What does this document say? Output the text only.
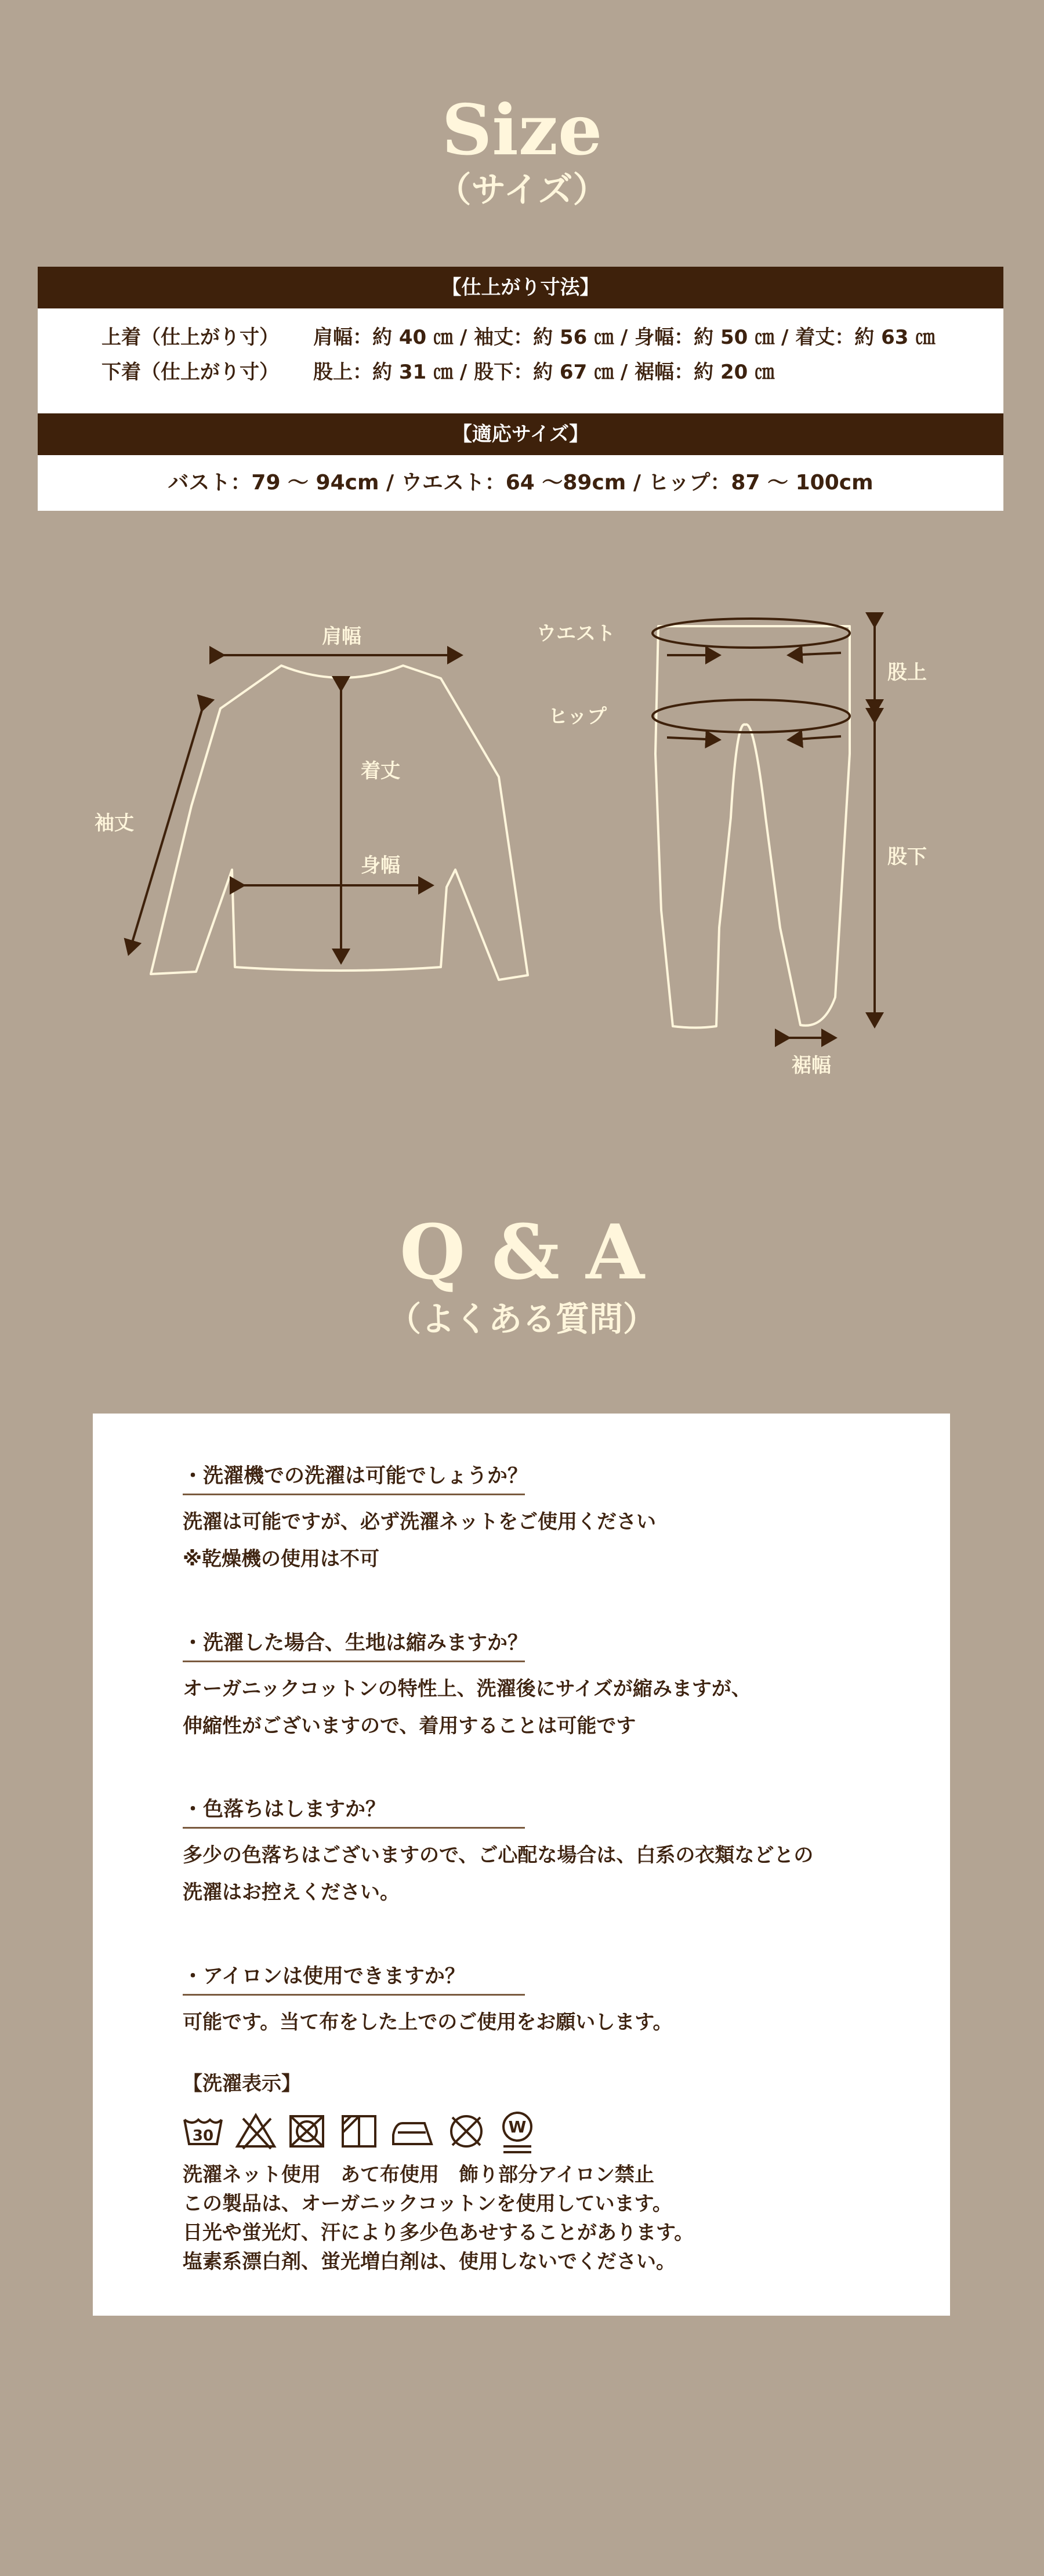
Size
（サイズ）
【仕上がり寸法】
上着（仕上がり寸） 肩幅：約 40 ㎝ / 袖丈：約 56 ㎝ / 身幅：約 50 ㎝ / 着丈：約 63 ㎝
下着（仕上がり寸） 股上：約 31 ㎝ / 股下：約 67 ㎝ / 裾幅：約 20 ㎝
【適応サイズ】
バスト：79 ～ 94cm / ウエスト：64 ～89cm / ヒップ：87 ～ 100cm
肩幅
着丈
身幅
袖丈
ウエスト
ヒップ
股上
股下
裾幅
Q & A
（よくある質問）
・洗濯機での洗濯は可能でしょうか？
洗濯は可能ですが、必ず洗濯ネットをご使用ください
※乾燥機の使用は不可
・洗濯した場合、生地は縮みますか？
オーガニックコットンの特性上、洗濯後にサイズが縮みますが、
伸縮性がございますので、着用することは可能です
・色落ちはしますか？
多少の色落ちはございますので、ご心配な場合は、白系の衣類などとの
洗濯はお控えください。
・アイロンは使用できますか？
可能です。当て布をした上でのご使用をお願いします。
【洗濯表示】
30	W
洗濯ネット使用　あて布使用　飾り部分アイロン禁止
この製品は、オーガニックコットンを使用しています。
日光や蛍光灯、汗により多少色あせすることがあります。
塩素系漂白剤、蛍光増白剤は、使用しないでください。
